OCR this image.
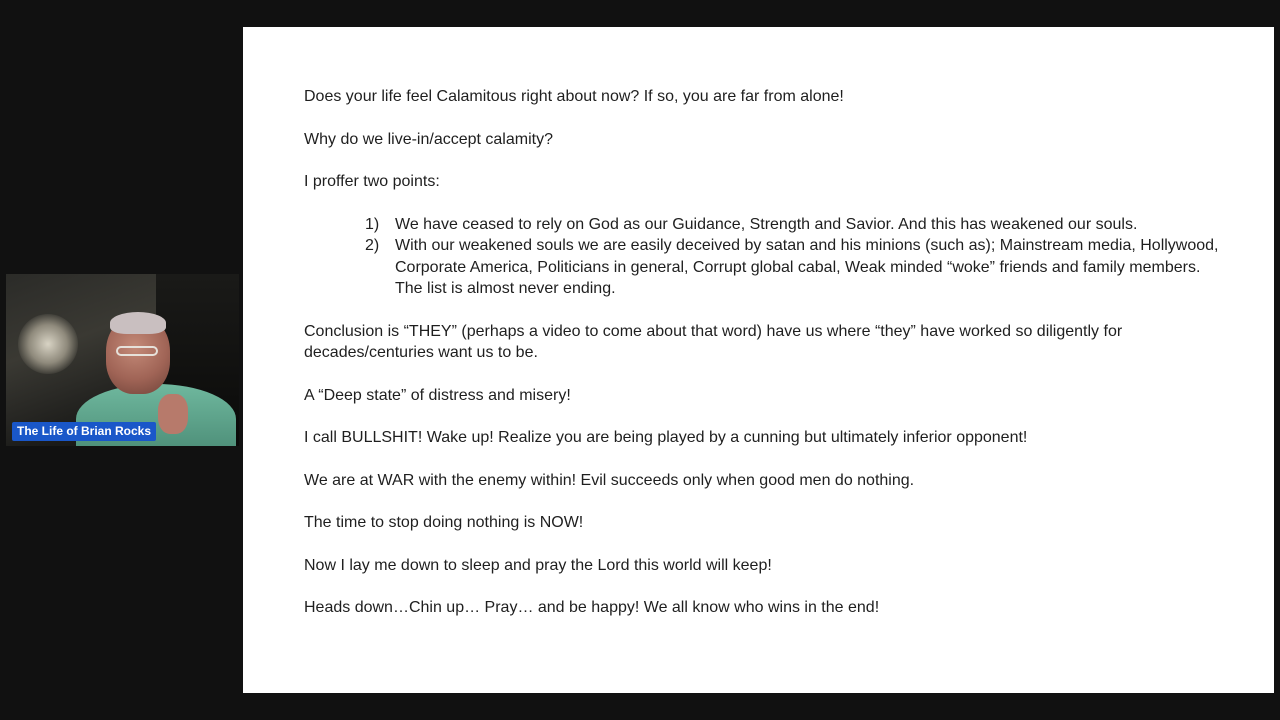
The Life of Brian Rocks

Does your life feel Calamitous right about now? If so, you are far from alone!

Why do we live-in/accept calamity?

I proffer two points:

1) We have ceased to rely on God as our Guidance, Strength and Savior. And this has weakened our souls.
2) With our weakened souls we are easily deceived by satan and his minions (such as); Mainstream media, Hollywood, Corporate America, Politicians in general, Corrupt global cabal, Weak minded “woke” friends and family members. The list is almost never ending.

Conclusion is “THEY” (perhaps a video to come about that word) have us where “they” have worked so diligently for decades/centuries want us to be.

A “Deep state” of distress and misery!

I call BULLSHIT! Wake up! Realize you are being played by a cunning but ultimately inferior opponent!

We are at WAR with the enemy within! Evil succeeds only when good men do nothing.

The time to stop doing nothing is NOW!

Now I lay me down to sleep and pray the Lord this world will keep!

Heads down…Chin up… Pray… and be happy! We all know who wins in the end!
